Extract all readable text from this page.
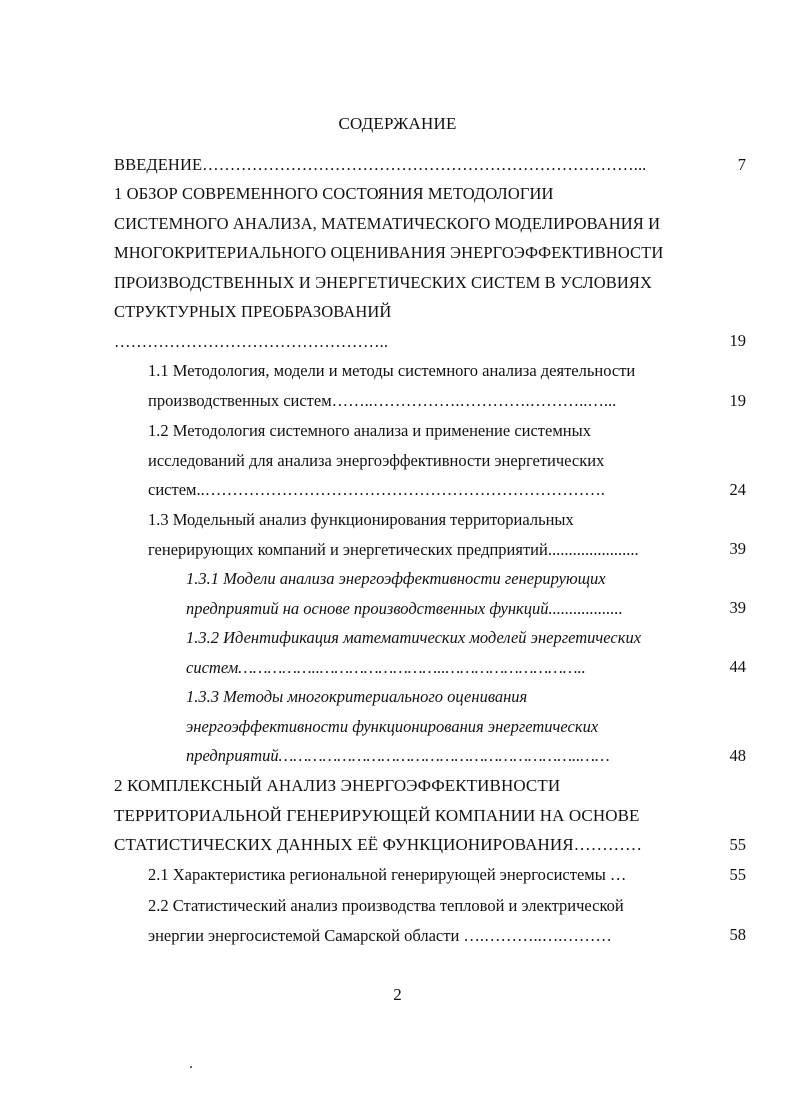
СОДЕРЖАНИЕ
ВВЕДЕНИЕ……………………………………………………………………...	7
1 ОБЗОР СОВРЕМЕННОГО СОСТОЯНИЯ МЕТОДОЛОГИИ
СИСТЕМНОГО АНАЛИЗА, МАТЕМАТИЧЕСКОГО МОДЕЛИРОВАНИЯ И
МНОГОКРИТЕРИАЛЬНОГО ОЦЕНИВАНИЯ ЭНЕРГОЭФФЕКТИВНОСТИ
ПРОИЗВОДСТВЕННЫХ И ЭНЕРГЕТИЧЕСКИХ СИСТЕМ В УСЛОВИЯХ
СТРУКТУРНЫХ ПРЕОБРАЗОВАНИЙ
…………………………………………..	19
1.1 Методология, модели и методы системного анализа деятельности
производственных систем……..…………….………….………..…...	19
1.2 Методология системного анализа и применение системных
исследований для анализа энергоэффективности энергетических
систем..……………………………………………………………….	24
1.3 Модельный анализ функционирования территориальных
генерирующих компаний и энергетических предприятий......................	39
1.3.1 Модели анализа энергоэффективности генерирующих
предприятий на основе производственных функций..................	39
1.3.2 Идентификация математических моделей энергетических
систем……………..……………………..………………………..	44
1.3.3 Методы многокритериального оценивания
энергоэффективности функционирования энергетических
предприятий……………………………………………………..……	48
2 КОМПЛЕКСНЫЙ АНАЛИЗ ЭНЕРГОЭФФЕКТИВНОСТИ
ТЕРРИТОРИАЛЬНОЙ ГЕНЕРИРУЮЩЕЙ КОМПАНИИ НА ОСНОВЕ
СТАТИСТИЧЕСКИХ ДАННЫХ ЕЁ ФУНКЦИОНИРОВАНИЯ…………	55
2.1 Характеристика региональной генерирующей энергосистемы …	55
2.2 Статистический анализ производства тепловой и электрической
энергии энергосистемой Самарской области ….………..….………	58
2
